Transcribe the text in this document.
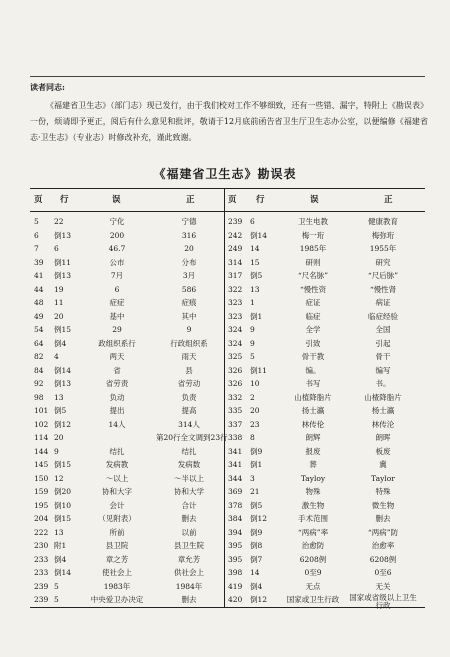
读者同志:

《福建省卫生志》（部门志）现已发行，由于我们校对工作不够细致，还有一些错、漏字，特附上《勘误表》一份，烦请即予更正，阅后有什么意见和批评，敬请于12月底前函告省卫生厅卫生志办公室，以便编修《福建省志·卫生志》（专业志）时修改补充，谨此致谢。

《福建省卫生志》勘误表
页 行	误	正	页 行	误	正
5	22	宁化	宁德
6	倒13	200	316
7	6	46.7	20
39	倒11	公市	分布
41	倒13	7月	3月
44	19	6	586
48	11	症症	症痕
49	20	基中	其中
54	例15	29	9
64	倒4	政组织系行	行政组织系
82	4	两天	雨天
84	倒14	省	县
92	倒13	省劳责	省劳动
98	13	负动	负责
101 倒5	提出	提高
102 倒12	14人	314人
114 20	第20行全文调到23行
144 9	结扎	结扎
145 倒15	发病教	发病数
150 12	～以上	～半以上
159 倒20	协和大字	协和大学
195 倒10	会计	合计
204 倒15	（见附表）	删去
222 13	所前	以前
230 附1	县卫院	县卫生院
233 倒4	章之芳	章允芳
233 倒14	使社会上	供社会上
239 5	1983年	1984年
239 5	中央爱卫办决定	删去
239	6	卫生电教	健康教育
242	倒14	梅一珩	梅弥珩
249	14	1985年	1955年
314	15	研则	研究
317	倒5	“尺名脉”	“尺后脉”
322	13	“慢性资	“慢性肾
323	1	症证	病证
323	倒1	临症	临症经验
324	9	全学	全国
324	9	引致	引起
325	5	骨干教	骨干
326	倒11	编。	编写
326	10	书写	书。
332	2	山植降脂片	山楂降脂片
335	20	扬士瀛	杨士瀛
337	23	林传伦	林传沦
338	8	朗辉	朗晖
341	倒9	报废	板废
341	倒1	葬	冀
344	3	Tayloy	Taylor
369	21	物殊	特殊
378	倒5	激生物	微生物
384	倒12	手术范围	删去
394	倒9	“两病”率	“两病”防
395	倒8	治愈防	治愈率
395	倒7	6208例	6208例
398	14	0至9	0至6
419	倒4	无点	无关
420	倒12	国家或卫生行政	国家或省级以上卫生行政
